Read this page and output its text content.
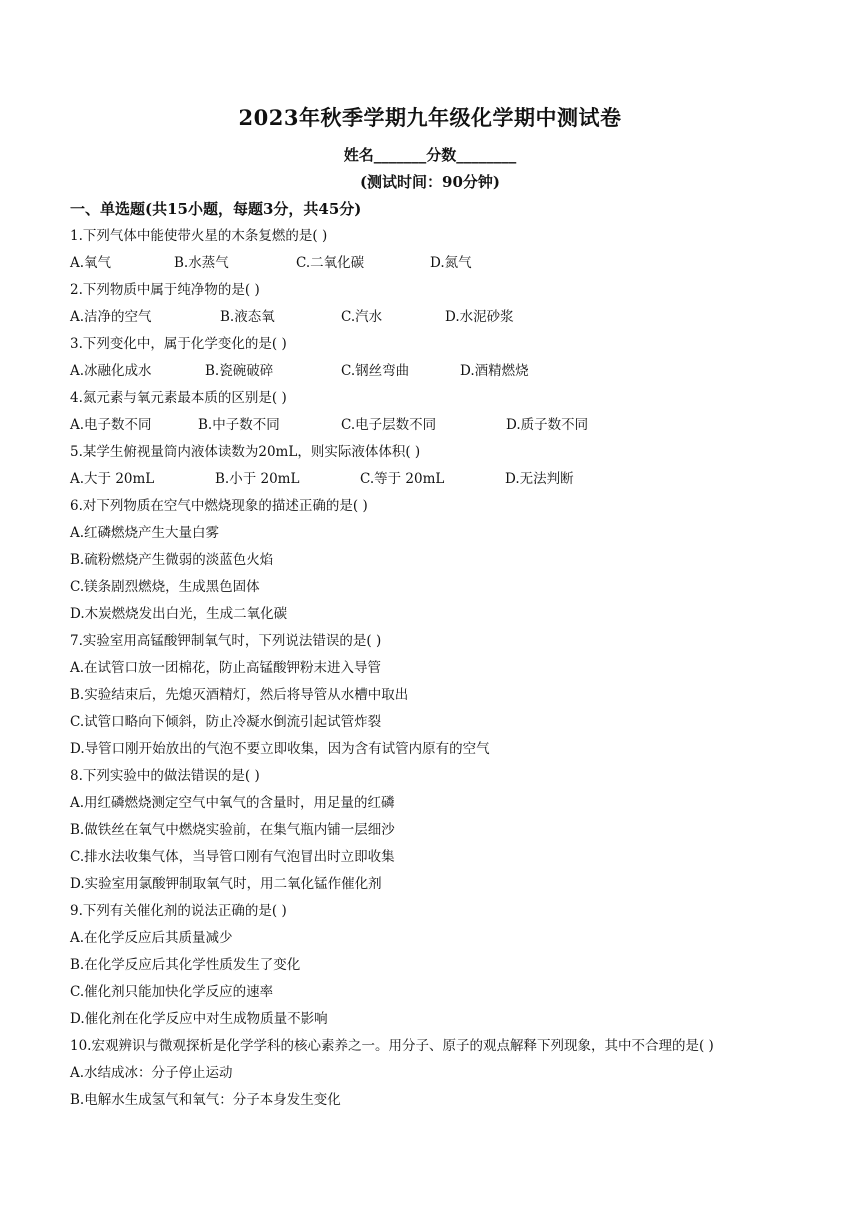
2023年秋季学期九年级化学期中测试卷
姓名_______分数________
(测试时间：90分钟)
一、单选题(共15小题，每题3分，共45分)
1.下列气体中能使带火星的木条复燃的是( )
A.氧气	B.水蒸气	C.二氧化碳	D.氮气
2.下列物质中属于纯净物的是( )
A.洁净的空气	B.液态氧	C.汽水	D.水泥砂浆
3.下列变化中，属于化学变化的是( )
A.冰融化成水	B.瓷碗破碎	C.钢丝弯曲	D.酒精燃烧
4.氮元素与氧元素最本质的区别是( )
A.电子数不同	B.中子数不同	C.电子层数不同	D.质子数不同
5.某学生俯视量筒内液体读数为20mL，则实际液体体积( )
A.大于 20mL	B.小于 20mL	C.等于 20mL	D.无法判断
6.对下列物质在空气中燃烧现象的描述正确的是( )
A.红磷燃烧产生大量白雾
B.硫粉燃烧产生微弱的淡蓝色火焰
C.镁条剧烈燃烧，生成黑色固体
D.木炭燃烧发出白光，生成二氧化碳
7.实验室用高锰酸钾制氧气时，下列说法错误的是( )
A.在试管口放一团棉花，防止高锰酸钾粉末进入导管
B.实验结束后，先熄灭酒精灯，然后将导管从水槽中取出
C.试管口略向下倾斜，防止冷凝水倒流引起试管炸裂
D.导管口刚开始放出的气泡不要立即收集，因为含有试管内原有的空气
8.下列实验中的做法错误的是( )
A.用红磷燃烧测定空气中氧气的含量时，用足量的红磷
B.做铁丝在氧气中燃烧实验前，在集气瓶内铺一层细沙
C.排水法收集气体，当导管口刚有气泡冒出时立即收集
D.实验室用氯酸钾制取氧气时，用二氧化锰作催化剂
9.下列有关催化剂的说法正确的是( )
A.在化学反应后其质量减少
B.在化学反应后其化学性质发生了变化
C.催化剂只能加快化学反应的速率
D.催化剂在化学反应中对生成物质量不影响
10.宏观辨识与微观探析是化学学科的核心素养之一。用分子、原子的观点解释下列现象，其中不合理的是( )
A.水结成冰：分子停止运动
B.电解水生成氢气和氧气：分子本身发生变化
